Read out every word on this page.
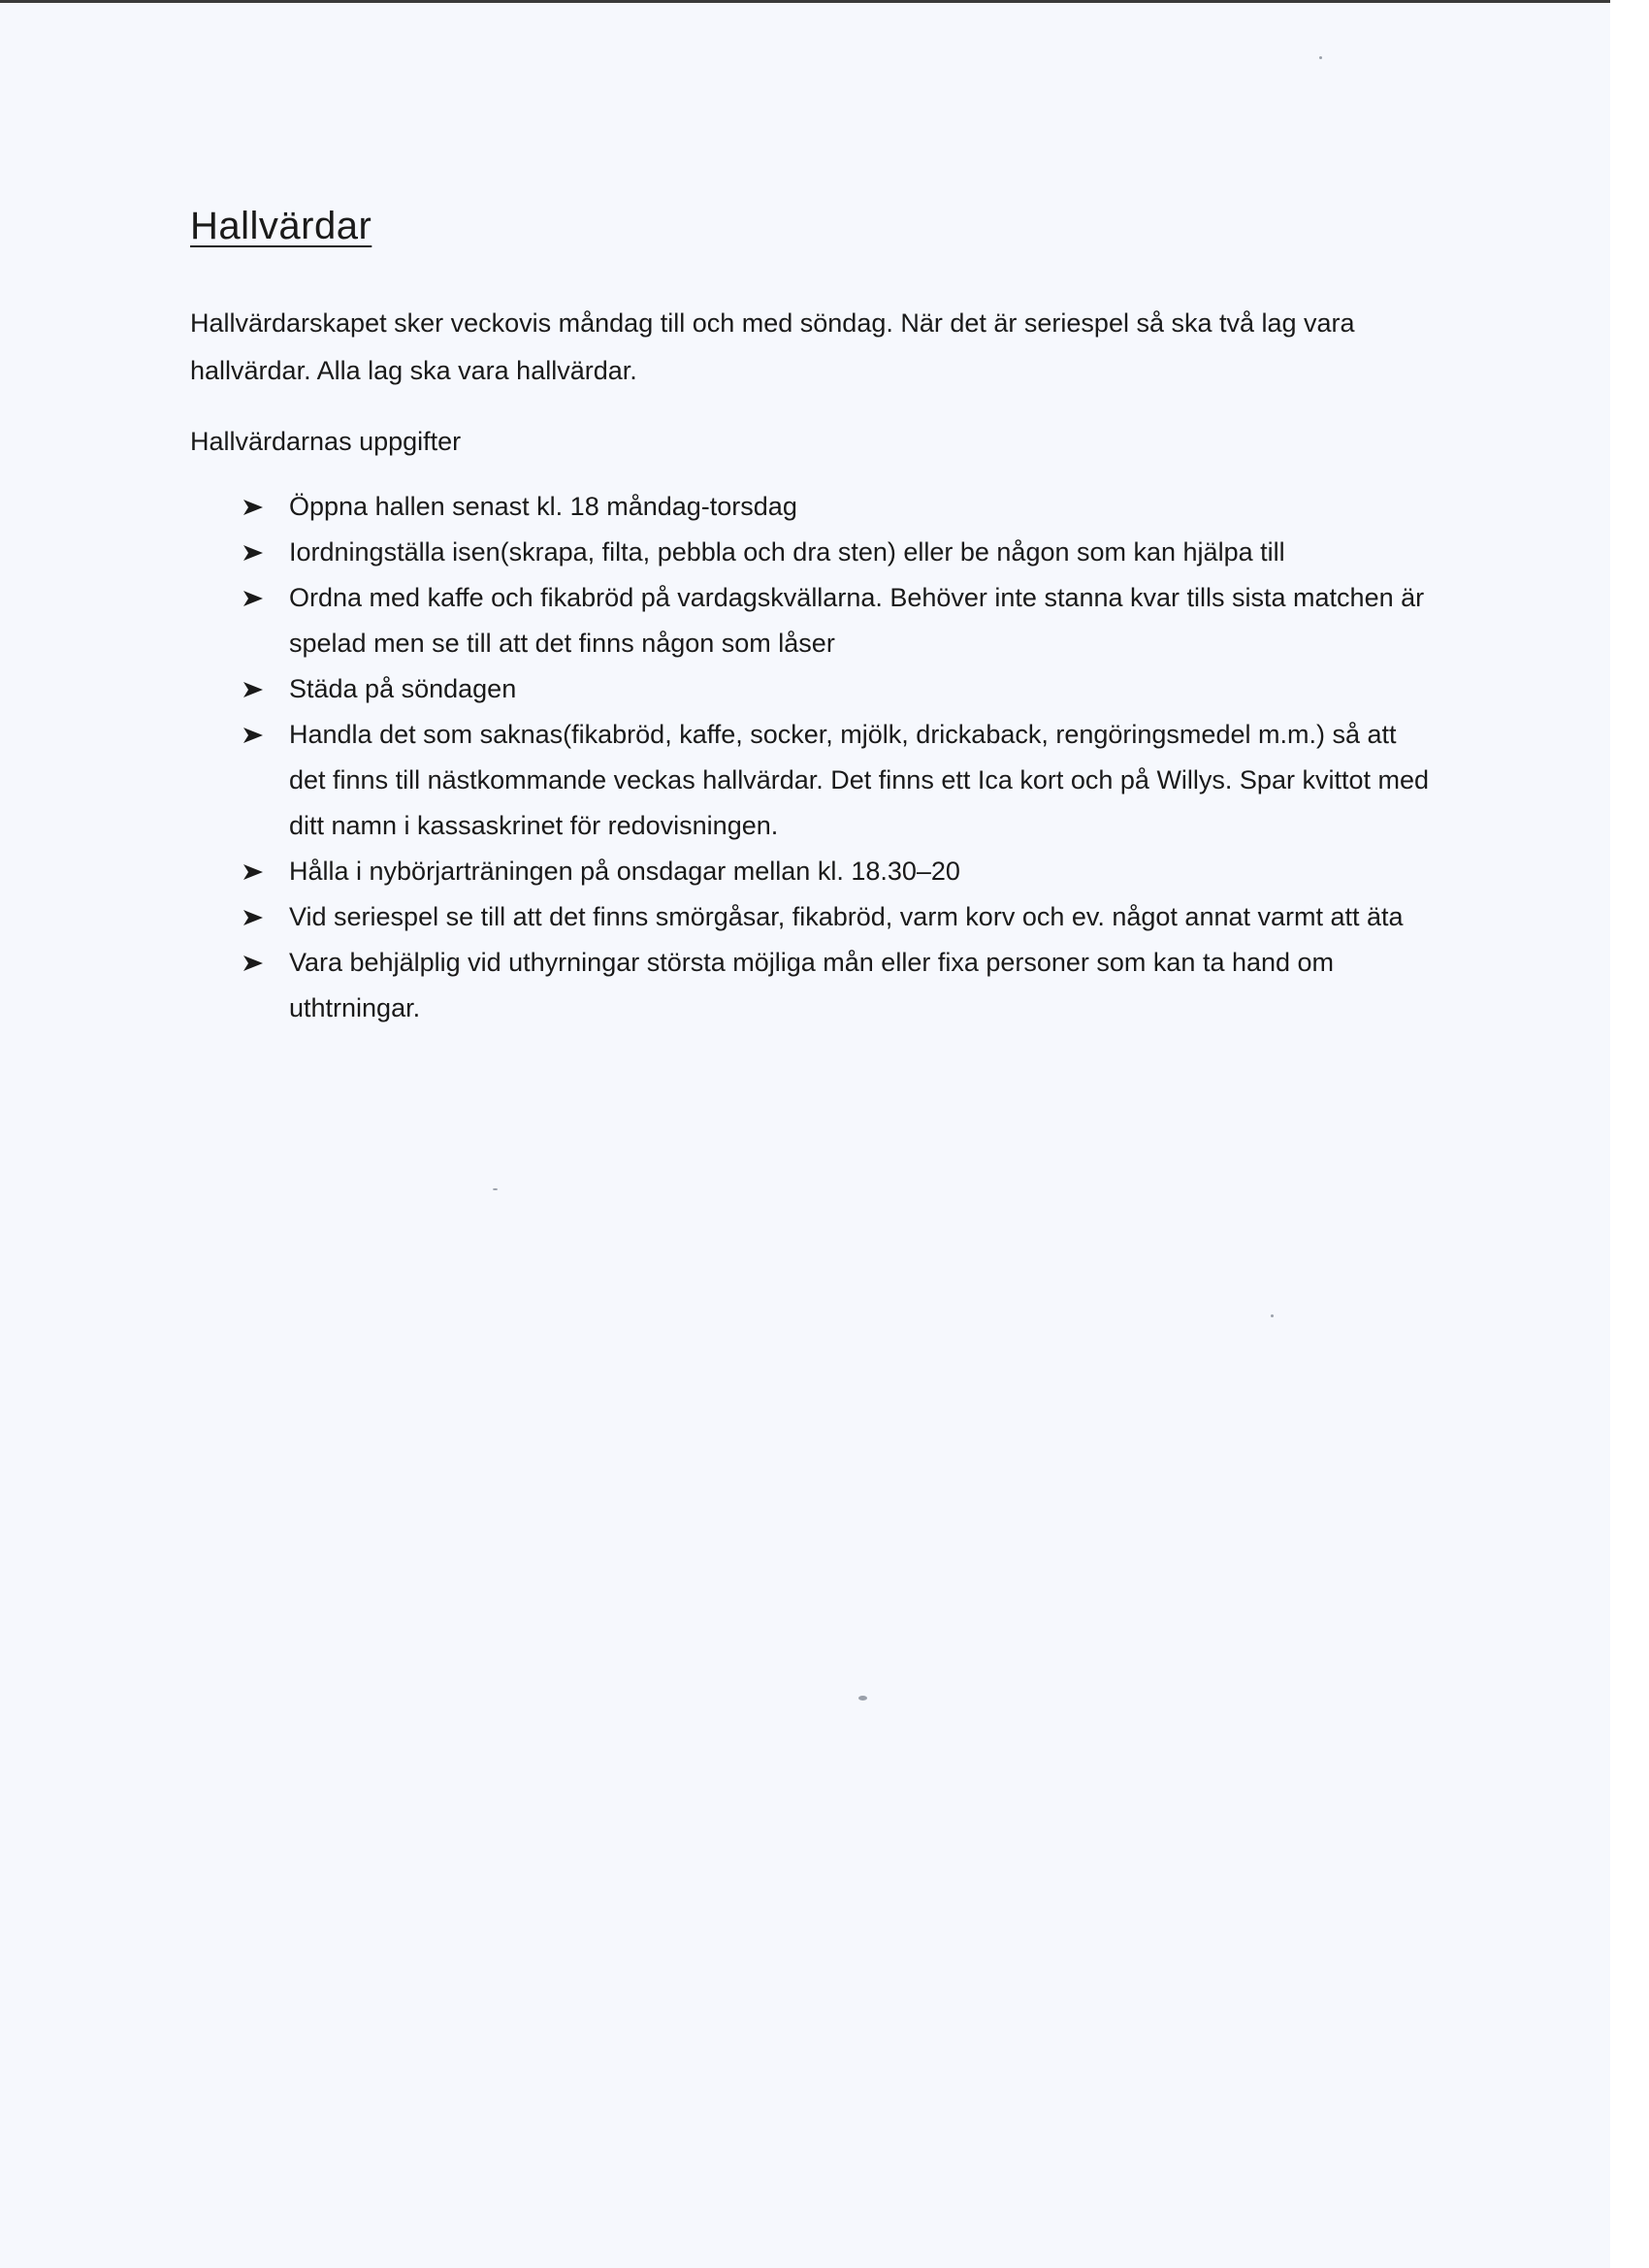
Hallvärdar

Hallvärdarskapet sker veckovis måndag till och med söndag. När det är seriespel så ska två lag vara hallvärdar. Alla lag ska vara hallvärdar.

Hallvärdarnas uppgifter

Öppna hallen senast kl. 18 måndag-torsdag
Iordningställa isen(skrapa, filta, pebbla och dra sten) eller be någon som kan hjälpa till
Ordna med kaffe och fikabröd på vardagskvällarna. Behöver inte stanna kvar tills sista matchen är spelad men se till att det finns någon som låser
Städa på söndagen
Handla det som saknas(fikabröd, kaffe, socker, mjölk, drickaback, rengöringsmedel m.m.) så att det finns till nästkommande veckas hallvärdar. Det finns ett Ica kort och på Willys. Spar kvittot med ditt namn i kassaskrinet för redovisningen.
Hålla i nybörjarträningen på onsdagar mellan kl. 18.30–20
Vid seriespel se till att det finns smörgåsar, fikabröd, varm korv och ev. något annat varmt att äta
Vara behjälplig vid uthyrningar största möjliga mån eller fixa personer som kan ta hand om uthtrningar.
